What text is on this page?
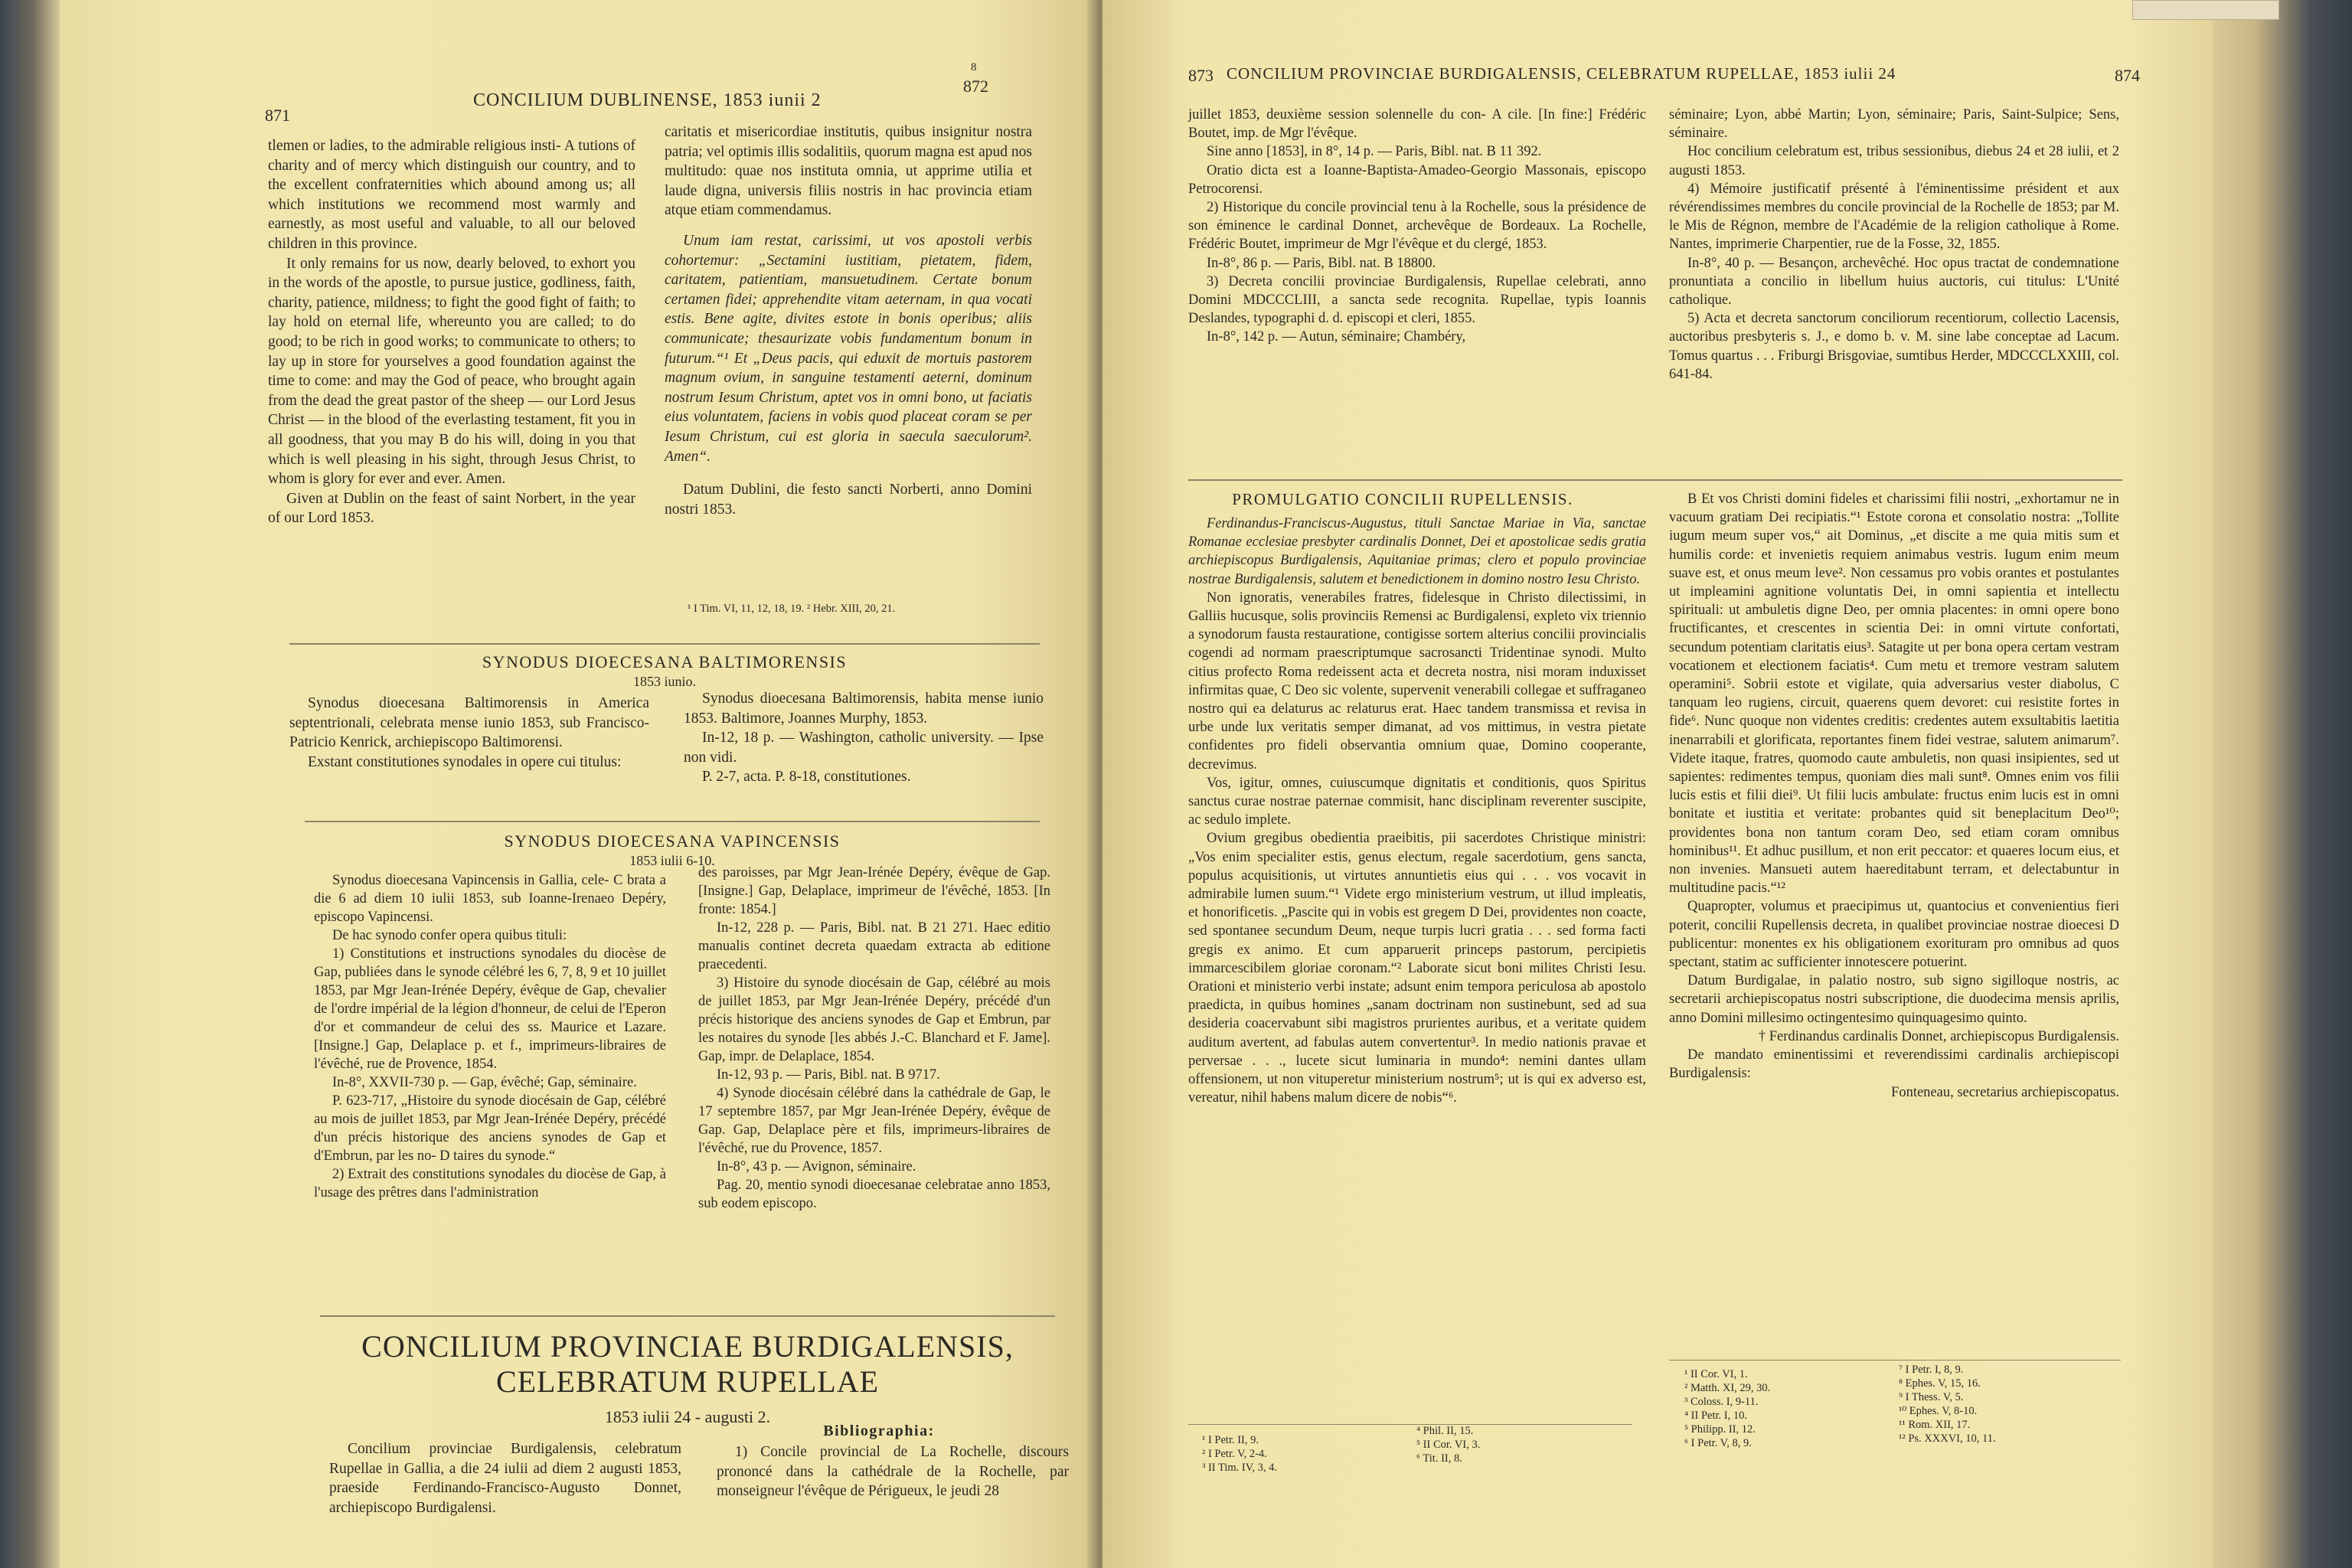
871
CONCILIUM DUBLINENSE, 1853 iunii 2
8
872

tlemen or ladies, to the admirable religious insti- A tutions of charity and of mercy which distinguish our country, and to the excellent confraternities which abound among us; all which institutions we recommend most warmly and earnestly, as most useful and valuable, to all our beloved children in this province.

It only remains for us now, dearly beloved, to exhort you in the words of the apostle, to pursue justice, godliness, faith, charity, patience, mildness; to fight the good fight of faith; to lay hold on eternal life, whereunto you are called; to do good; to be rich in good works; to communicate to others; to lay up in store for yourselves a good foundation against the time to come: and may the God of peace, who brought again from the dead the great pastor of the sheep — our Lord Jesus Christ — in the blood of the everlasting testament, fit you in all goodness, that you may B do his will, doing in you that which is well pleasing in his sight, through Jesus Christ, to whom is glory for ever and ever. Amen.

Given at Dublin on the feast of saint Norbert, in the year of our Lord 1853.

caritatis et misericordiae institutis, quibus insignitur nostra patria; vel optimis illis sodalitiis, quorum magna est apud nos multitudo: quae nos instituta omnia, ut apprime utilia et laude digna, universis filiis nostris in hac provincia etiam atque etiam commendamus.

Unum iam restat, carissimi, ut vos apostoli verbis cohortemur: „Sectamini iustitiam, pietatem, fidem, caritatem, patientiam, mansuetudinem. Certate bonum certamen fidei; apprehendite vitam aeternam, in qua vocati estis. Bene agite, divites estote in bonis operibus; aliis communicate; thesaurizate vobis fundamentum bonum in futurum.“¹ Et „Deus pacis, qui eduxit de mortuis pastorem magnum ovium, in sanguine testamenti aeterni, dominum nostrum Iesum Christum, aptet vos in omni bono, ut faciatis eius voluntatem, faciens in vobis quod placeat coram se per Iesum Christum, cui est gloria in saecula saeculorum². Amen“.

Datum Dublini, die festo sancti Norberti, anno Domini nostri 1853.

¹ I Tim. VI, 11, 12, 18, 19. ² Hebr. XIII, 20, 21.
SYNODUS DIOECESANA BALTIMORENSIS
1853 iunio.

Synodus dioecesana Baltimorensis in America septentrionali, celebrata mense iunio 1853, sub Francisco-Patricio Kenrick, archiepiscopo Baltimorensi.

Exstant constitutiones synodales in opere cui titulus:

Synodus dioecesana Baltimorensis, habita mense iunio 1853. Baltimore, Joannes Murphy, 1853.

In-12, 18 p. — Washington, catholic university. — Ipse non vidi.

P. 2-7, acta. P. 8-18, constitutiones.

SYNODUS DIOECESANA VAPINCENSIS
1853 iulii 6-10.

Synodus dioecesana Vapincensis in Gallia, cele- C brata a die 6 ad diem 10 iulii 1853, sub Ioanne-Irenaeo Depéry, episcopo Vapincensi.

De hac synodo confer opera quibus tituli:

1) Constitutions et instructions synodales du diocèse de Gap, publiées dans le synode célébré les 6, 7, 8, 9 et 10 juillet 1853, par Mgr Jean-Irénée Depéry, évêque de Gap, chevalier de l'ordre impérial de la légion d'honneur, de celui de l'Eperon d'or et commandeur de celui des ss. Maurice et Lazare. [Insigne.] Gap, Delaplace p. et f., imprimeurs-libraires de l'évêché, rue de Provence, 1854.

In-8°, XXVII-730 p. — Gap, évêché; Gap, séminaire.

P. 623-717, „Histoire du synode diocésain de Gap, célébré au mois de juillet 1853, par Mgr Jean-Irénée Depéry, précédé d'un précis historique des anciens synodes de Gap et d'Embrun, par les no- D taires du synode.“

2) Extrait des constitutions synodales du diocèse de Gap, à l'usage des prêtres dans l'administration

des paroisses, par Mgr Jean-Irénée Depéry, évêque de Gap. [Insigne.] Gap, Delaplace, imprimeur de l'évêché, 1853. [In fronte: 1854.]

In-12, 228 p. — Paris, Bibl. nat. B 21 271. Haec editio manualis continet decreta quaedam extracta ab editione praecedenti.

3) Histoire du synode diocésain de Gap, célébré au mois de juillet 1853, par Mgr Jean-Irénée Depéry, précédé d'un précis historique des anciens synodes de Gap et Embrun, par les notaires du synode [les abbés J.-C. Blanchard et F. Jame]. Gap, impr. de Delaplace, 1854.

In-12, 93 p. — Paris, Bibl. nat. B 9717.

4) Synode diocésain célébré dans la cathédrale de Gap, le 17 septembre 1857, par Mgr Jean-Irénée Depéry, évêque de Gap. Gap, Delaplace père et fils, imprimeurs-libraires de l'évêché, rue du Provence, 1857.

In-8°, 43 p. — Avignon, séminaire.

Pag. 20, mentio synodi dioecesanae celebratae anno 1853, sub eodem episcopo.

CONCILIUM PROVINCIAE BURDIGALENSIS,
CELEBRATUM RUPELLAE
1853 iulii 24 - augusti 2.

Concilium provinciae Burdigalensis, celebratum Rupellae in Gallia, a die 24 iulii ad diem 2 augusti 1853, praeside Ferdinando-Francisco-Augusto Donnet, archiepiscopo Burdigalensi.

Bibliographia:

1) Concile provincial de La Rochelle, discours prononcé dans la cathédrale de la Rochelle, par monseigneur l'évêque de Périgueux, le jeudi 28

873 CONCILIUM PROVINCIAE BURDIGALENSIS, CELEBRATUM RUPELLAE, 1853 iulii 24	874

juillet 1853, deuxième session solennelle du con- A cile. [In fine:] Frédéric Boutet, imp. de Mgr l'évêque.

Sine anno [1853], in 8°, 14 p. — Paris, Bibl. nat. B 11 392.

Oratio dicta est a Ioanne-Baptista-Amadeo-Georgio Massonais, episcopo Petrocorensi.

2) Historique du concile provincial tenu à la Rochelle, sous la présidence de son éminence le cardinal Donnet, archevêque de Bordeaux. La Rochelle, Frédéric Boutet, imprimeur de Mgr l'évêque et du clergé, 1853.

In-8°, 86 p. — Paris, Bibl. nat. B 18800.

3) Decreta concilii provinciae Burdigalensis, Rupellae celebrati, anno Domini MDCCCLIII, a sancta sede recognita. Rupellae, typis Ioannis Deslandes, typographi d. d. episcopi et cleri, 1855.

In-8°, 142 p. — Autun, séminaire; Chambéry,

séminaire; Lyon, abbé Martin; Lyon, séminaire; Paris, Saint-Sulpice; Sens, séminaire.

Hoc concilium celebratum est, tribus sessionibus, diebus 24 et 28 iulii, et 2 augusti 1853.

4) Mémoire justificatif présenté à l'éminentissime président et aux révérendissimes membres du concile provincial de la Rochelle de 1853; par M. le Mis de Régnon, membre de l'Académie de la religion catholique à Rome. Nantes, imprimerie Charpentier, rue de la Fosse, 32, 1855.

In-8°, 40 p. — Besançon, archevêché. Hoc opus tractat de condemnatione pronuntiata a concilio in libellum huius auctoris, cui titulus: L'Unité catholique.

5) Acta et decreta sanctorum conciliorum recentiorum, collectio Lacensis, auctoribus presbyteris s. J., e domo b. v. M. sine labe conceptae ad Lacum. Tomus quartus . . . Friburgi Brisgoviae, sumtibus Herder, MDCCCLXXIII, col. 641-84.

PROMULGATIO CONCILII RUPELLENSIS.

Ferdinandus-Franciscus-Augustus, tituli Sanctae Mariae in Via, sanctae Romanae ecclesiae presbyter cardinalis Donnet, Dei et apostolicae sedis gratia archiepiscopus Burdigalensis, Aquitaniae primas; clero et populo provinciae nostrae Burdigalensis, salutem et benedictionem in domino nostro Iesu Christo.

Non ignoratis, venerabiles fratres, fidelesque in Christo dilectissimi, in Galliis hucusque, solis provinciis Remensi ac Burdigalensi, expleto vix triennio a synodorum fausta restauratione, contigisse sortem alterius concilii provincialis cogendi ad normam praescriptumque sacrosancti Tridentinae synodi. Multo citius profecto Roma redeissent acta et decreta nostra, nisi moram induxisset infirmitas quae, C Deo sic volente, supervenit venerabili collegae et suffraganeo nostro qui ea delaturus ac relaturus erat. Haec tandem transmissa et revisa in urbe unde lux veritatis semper dimanat, ad vos mittimus, in vestra pietate confidentes pro fideli observantia omnium quae, Domino cooperante, decrevimus.

Vos, igitur, omnes, cuiuscumque dignitatis et conditionis, quos Spiritus sanctus curae nostrae paternae commisit, hanc disciplinam reverenter suscipite, ac sedulo implete.

Ovium gregibus obedientia praeibitis, pii sacerdotes Christique ministri: „Vos enim specialiter estis, genus electum, regale sacerdotium, gens sancta, populus acquisitionis, ut virtutes annuntietis eius qui . . . vos vocavit in admirabile lumen suum.“¹ Videte ergo ministerium vestrum, ut illud impleatis, et honorificetis. „Pascite qui in vobis est gregem D Dei, providentes non coacte, sed spontanee secundum Deum, neque turpis lucri gratia . . . sed forma facti gregis ex animo. Et cum apparuerit princeps pastorum, percipietis immarcescibilem gloriae coronam.“² Laborate sicut boni milites Christi Iesu. Orationi et ministerio verbi instate; adsunt enim tempora periculosa ab apostolo praedicta, in quibus homines „sanam doctrinam non sustinebunt, sed ad sua desideria coacervabunt sibi magistros prurientes auribus, et a veritate quidem auditum avertent, ad fabulas autem convertentur³. In medio nationis pravae et perversae . . ., lucete sicut luminaria in mundo⁴: nemini dantes ullam offensionem, ut non vituperetur ministerium nostrum⁵; ut is qui ex adverso est, vereatur, nihil habens malum dicere de nobis“⁶.

B Et vos Christi domini fideles et charissimi filii nostri, „exhortamur ne in vacuum gratiam Dei recipiatis.“¹ Estote corona et consolatio nostra: „Tollite iugum meum super vos,“ ait Dominus, „et discite a me quia mitis sum et humilis corde: et invenietis requiem animabus vestris. Iugum enim meum suave est, et onus meum leve². Non cessamus pro vobis orantes et postulantes ut impleamini agnitione voluntatis Dei, in omni sapientia et intellectu spirituali: ut ambuletis digne Deo, per omnia placentes: in omni opere bono fructificantes, et crescentes in scientia Dei: in omni virtute confortati, secundum potentiam claritatis eius³. Satagite ut per bona opera certam vestram vocationem et electionem faciatis⁴. Cum metu et tremore vestram salutem operamini⁵. Sobrii estote et vigilate, quia adversarius vester diabolus, C tanquam leo rugiens, circuit, quaerens quem devoret: cui resistite fortes in fide⁶. Nunc quoque non videntes creditis: credentes autem exsultabitis laetitia inenarrabili et glorificata, reportantes finem fidei vestrae, salutem animarum⁷. Videte itaque, fratres, quomodo caute ambuletis, non quasi insipientes, sed ut sapientes: redimentes tempus, quoniam dies mali sunt⁸. Omnes enim vos filii lucis estis et filii diei⁹. Ut filii lucis ambulate: fructus enim lucis est in omni bonitate et iustitia et veritate: probantes quid sit beneplacitum Deo¹⁰; providentes bona non tantum coram Deo, sed etiam coram omnibus hominibus¹¹. Et adhuc pusillum, et non erit peccator: et quaeres locum eius, et non invenies. Mansueti autem haereditabunt terram, et delectabuntur in multitudine pacis.“¹²

Quapropter, volumus et praecipimus ut, quantocius et convenientius fieri poterit, concilii Rupellensis decreta, in qualibet provinciae nostrae dioecesi D publicentur: monentes ex his obligationem exorituram pro omnibus ad quos spectant, statim ac sufficienter innotescere potuerint.

Datum Burdigalae, in palatio nostro, sub signo sigilloque nostris, ac secretarii archiepiscopatus nostri subscriptione, die duodecima mensis aprilis, anno Domini millesimo octingentesimo quinquagesimo quinto.

† Ferdinandus cardinalis Donnet, archiepiscopus Burdigalensis.

De mandato eminentissimi et reverendissimi cardinalis archiepiscopi Burdigalensis:

Fonteneau, secretarius archiepiscopatus.

¹ I Petr. II, 9.
² I Petr. V, 2-4.
³ II Tim. IV, 3, 4.
⁴ Phil. II, 15.
⁵ II Cor. VI, 3.
⁶ Tit. II, 8.
¹ II Cor. VI, 1.
² Matth. XI, 29, 30.
³ Coloss. I, 9-11.
⁴ II Petr. I, 10.
⁵ Philipp. II, 12.
⁶ I Petr. V, 8, 9.
⁷ I Petr. I, 8, 9.
⁸ Ephes. V, 15, 16.
⁹ I Thess. V, 5.
¹⁰ Ephes. V, 8-10.
¹¹ Rom. XII, 17.
¹² Ps. XXXVI, 10, 11.
